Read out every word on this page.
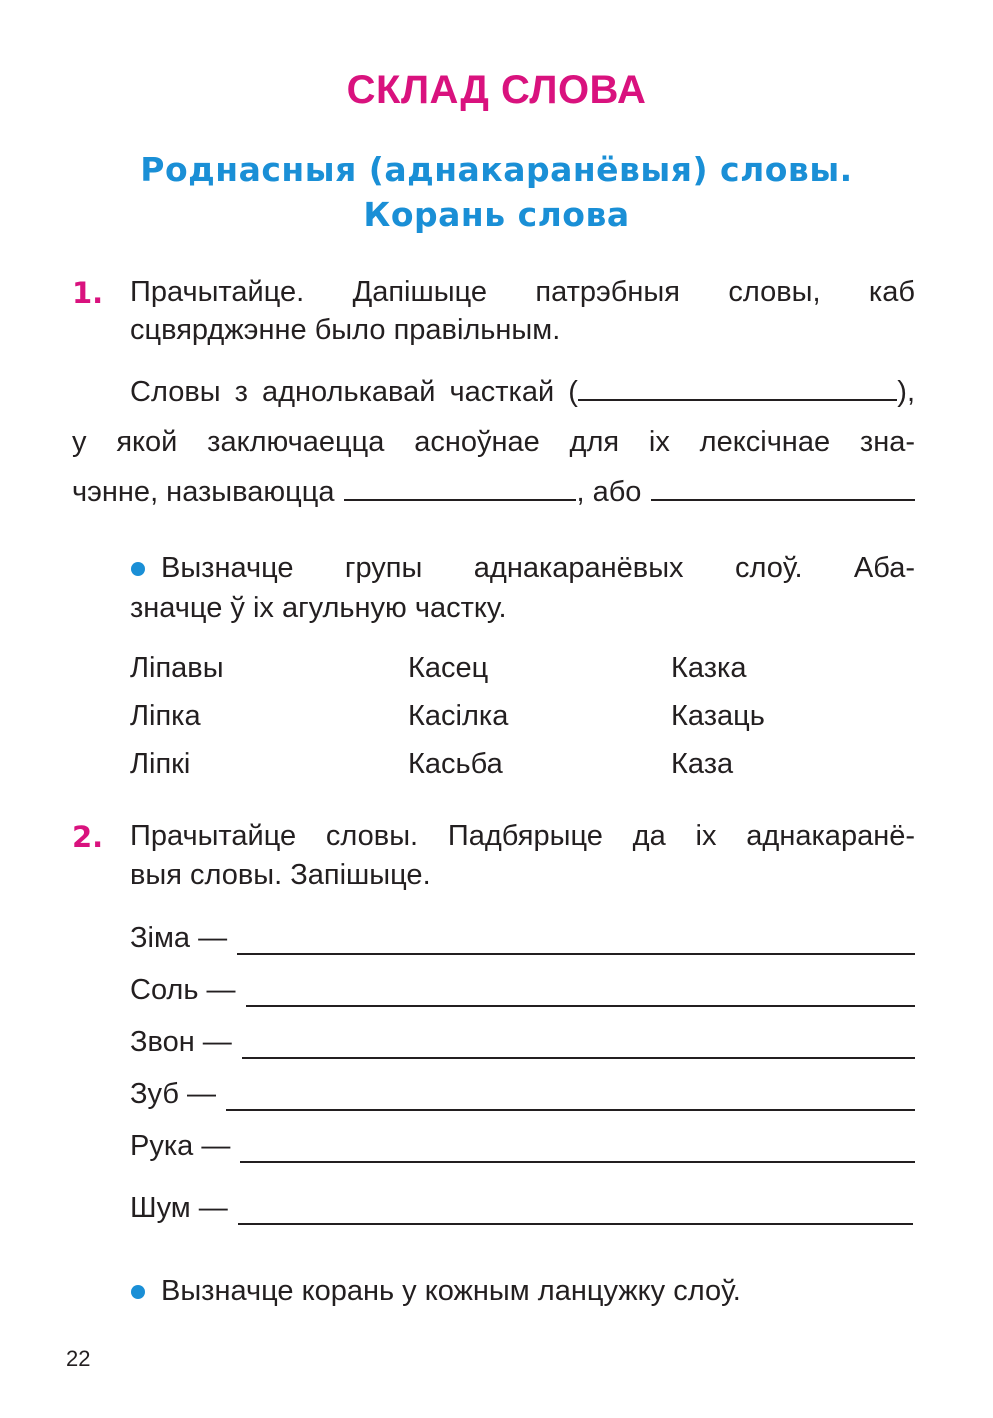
СКЛАД СЛОВА
Роднасныя (аднакаранёвыя) словы.
Корань слова
1. Прачытайце. Дапішыце патрэбныя словы, каб
сцвярджэнне было правільным.
Словы з аднолькавай часткай (	),
у якой заключаецца асноўнае для іх лексічнае зна-
чэнне, называюцца	, або
Вызначце групы аднакаранёвых слоў. Аба-
значце ў іх агульную частку.
Ліпавы
Ліпка
Ліпкі
Касец
Касілка
Касьба
Казка
Казаць
Каза
2. Прачытайце словы. Падбярыце да іх аднакаранё-
выя словы. Запішыце.
Зіма —
Соль —
Звон —
Зуб —
Рука —
Шум —
Вызначце корань у кожным ланцужку слоў.
22
